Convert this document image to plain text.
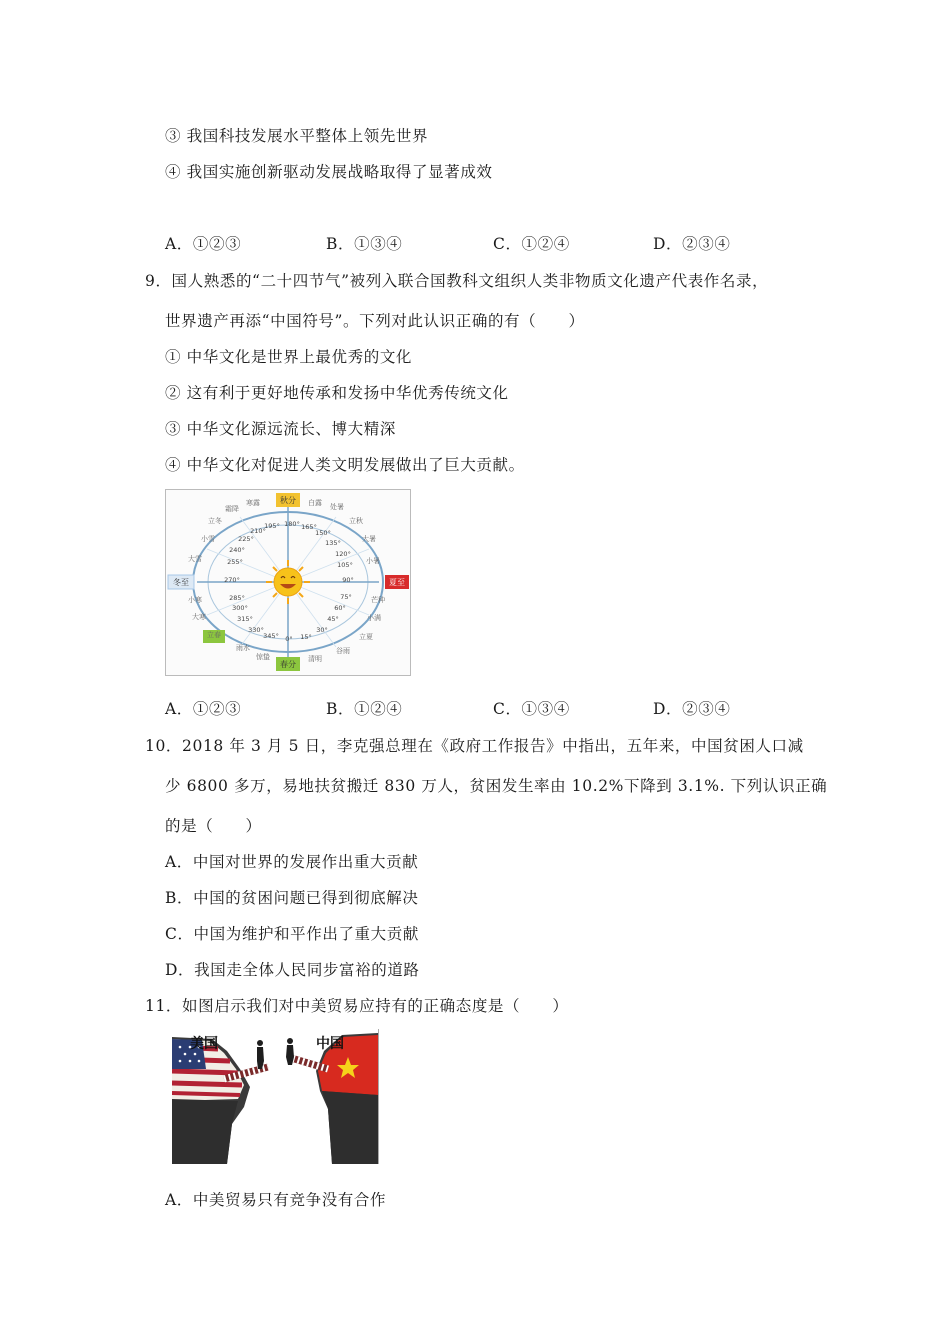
③ 我国科技发展水平整体上领先世界
④ 我国实施创新驱动发展战略取得了显著成效
A．①②③	B．①③④	C．①②④	D．②③④
9．国人熟悉的“二十四节气”被列入联合国教科文组织人类非物质文化遗产代表作名录，
世界遗产再添“中国符号”。下列对此认识正确的有（　　）
① 中华文化是世界上最优秀的文化
② 这有利于更好地传承和发扬中华优秀传统文化
③ 中华文化源远流长、博大精深
④ 中华文化对促进人类文明发展做出了巨大贡献。
秋分
夏至
春分
冬至
寒露	白露
霜降	处暑
立冬	立秋
小雪	大暑
大雪	小暑
小寒	芒种
大寒	小满
立春	立夏
雨水	谷雨
惊蛰	清明
195° 180° 165°
210°	150°
225°	135°
240°	120°
255°	105°
270°	90°
285°	75°
300°	60°
315°	45°
330°	30°
345° 0° 15°
A．①②③	B．①②④	C．①③④	D．②③④
10．2018 年 3 月 5 日，李克强总理在《政府工作报告》中指出，五年来，中国贫困人口减
少 6800 多万，易地扶贫搬迁 830 万人，贫困发生率由 10.2%下降到 3.1%. 下列认识正确
的是（　　）
A．中国对世界的发展作出重大贡献
B．中国的贫困问题已得到彻底解决
C．中国为维护和平作出了重大贡献
D．我国走全体人民同步富裕的道路
11．如图启示我们对中美贸易应持有的正确态度是（　　）
美国	中国
A．中美贸易只有竞争没有合作
